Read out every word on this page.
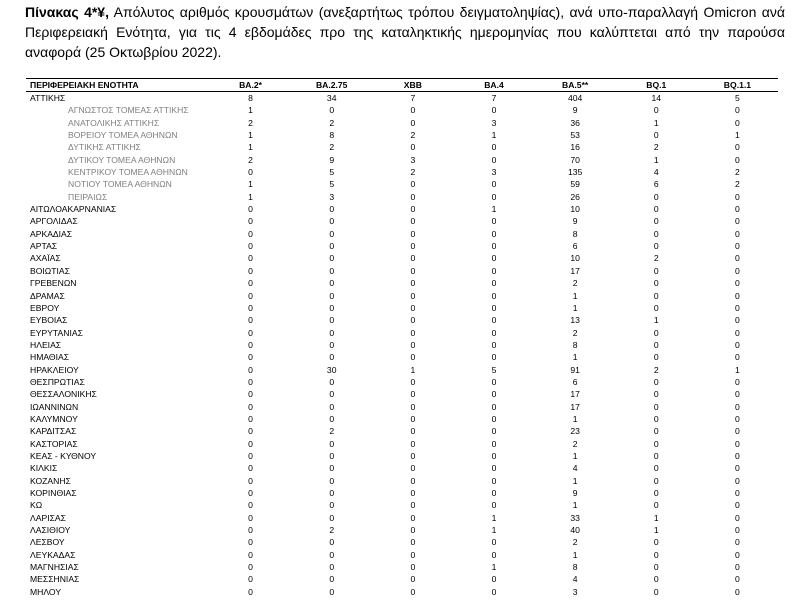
Πίνακας 4*¥, Απόλυτος αριθμός κρουσμάτων (ανεξαρτήτως τρόπου δειγματοληψίας), ανά υπο-παραλλαγή Omicron ανά Περιφερειακή Ενότητα, για τις 4 εβδομάδες προ της καταληκτικής ημερομηνίας που καλύπτεται από την παρούσα αναφορά (25 Οκτωβρίου 2022).
ΠΕΡΙΦΕΡΕΙΑΚΗ ΕΝΟΤΗΤΑ	BA.2*	BA.2.75	XBB	BA.4	BA.5**	BQ.1	BQ.1.1
ΑΤΤΙΚΗΣ	8	34	7	7	404	14	5
ΑΓΝΩΣΤΟΣ ΤΟΜΕΑΣ ΑΤΤΙΚΗΣ	1	0	0	0	9	0	0
ΑΝΑΤΟΛΙΚΗΣ ΑΤΤΙΚΗΣ	2	2	0	3	36	1	0
ΒΟΡΕΙΟΥ ΤΟΜΕΑ ΑΘΗΝΩΝ	1	8	2	1	53	0	1
ΔΥΤΙΚΗΣ ΑΤΤΙΚΗΣ	1	2	0	0	16	2	0
ΔΥΤΙΚΟΥ ΤΟΜΕΑ ΑΘΗΝΩΝ	2	9	3	0	70	1	0
ΚΕΝΤΡΙΚΟΥ ΤΟΜΕΑ ΑΘΗΝΩΝ	0	5	2	3	135	4	2
ΝΟΤΙΟΥ ΤΟΜΕΑ ΑΘΗΝΩΝ	1	5	0	0	59	6	2
ΠΕΙΡΑΙΩΣ	1	3	0	0	26	0	0
ΑΙΤΩΛΟΑΚΑΡΝΑΝΙΑΣ	0	0	0	1	10	0	0
ΑΡΓΟΛΙΔΑΣ	0	0	0	0	9	0	0
ΑΡΚΑΔΙΑΣ	0	0	0	0	8	0	0
ΑΡΤΑΣ	0	0	0	0	6	0	0
ΑΧΑΪΑΣ	0	0	0	0	10	2	0
ΒΟΙΩΤΙΑΣ	0	0	0	0	17	0	0
ΓΡΕΒΕΝΩΝ	0	0	0	0	2	0	0
ΔΡΑΜΑΣ	0	0	0	0	1	0	0
ΕΒΡΟΥ	0	0	0	0	1	0	0
ΕΥΒΟΙΑΣ	0	0	0	0	13	1	0
ΕΥΡΥΤΑΝΙΑΣ	0	0	0	0	2	0	0
ΗΛΕΙΑΣ	0	0	0	0	8	0	0
ΗΜΑΘΙΑΣ	0	0	0	0	1	0	0
ΗΡΑΚΛΕΙΟΥ	0	30	1	5	91	2	1
ΘΕΣΠΡΩΤΙΑΣ	0	0	0	0	6	0	0
ΘΕΣΣΑΛΟΝΙΚΗΣ	0	0	0	0	17	0	0
ΙΩΑΝΝΙΝΩΝ	0	0	0	0	17	0	0
ΚΑΛΥΜΝΟΥ	0	0	0	0	1	0	0
ΚΑΡΔΙΤΣΑΣ	0	2	0	0	23	0	0
ΚΑΣΤΟΡΙΑΣ	0	0	0	0	2	0	0
ΚΕΑΣ - ΚΥΘΝΟΥ	0	0	0	0	1	0	0
ΚΙΛΚΙΣ	0	0	0	0	4	0	0
ΚΟΖΑΝΗΣ	0	0	0	0	1	0	0
ΚΟΡΙΝΘΙΑΣ	0	0	0	0	9	0	0
ΚΩ	0	0	0	0	1	0	0
ΛΑΡΙΣΑΣ	0	0	0	1	33	1	0
ΛΑΣΙΘΙΟΥ	0	2	0	1	40	1	0
ΛΕΣΒΟΥ	0	0	0	0	2	0	0
ΛΕΥΚΑΔΑΣ	0	0	0	0	1	0	0
ΜΑΓΝΗΣΙΑΣ	0	0	0	1	8	0	0
ΜΕΣΣΗΝΙΑΣ	0	0	0	0	4	0	0
ΜΗΛΟΥ	0	0	0	0	3	0	0
